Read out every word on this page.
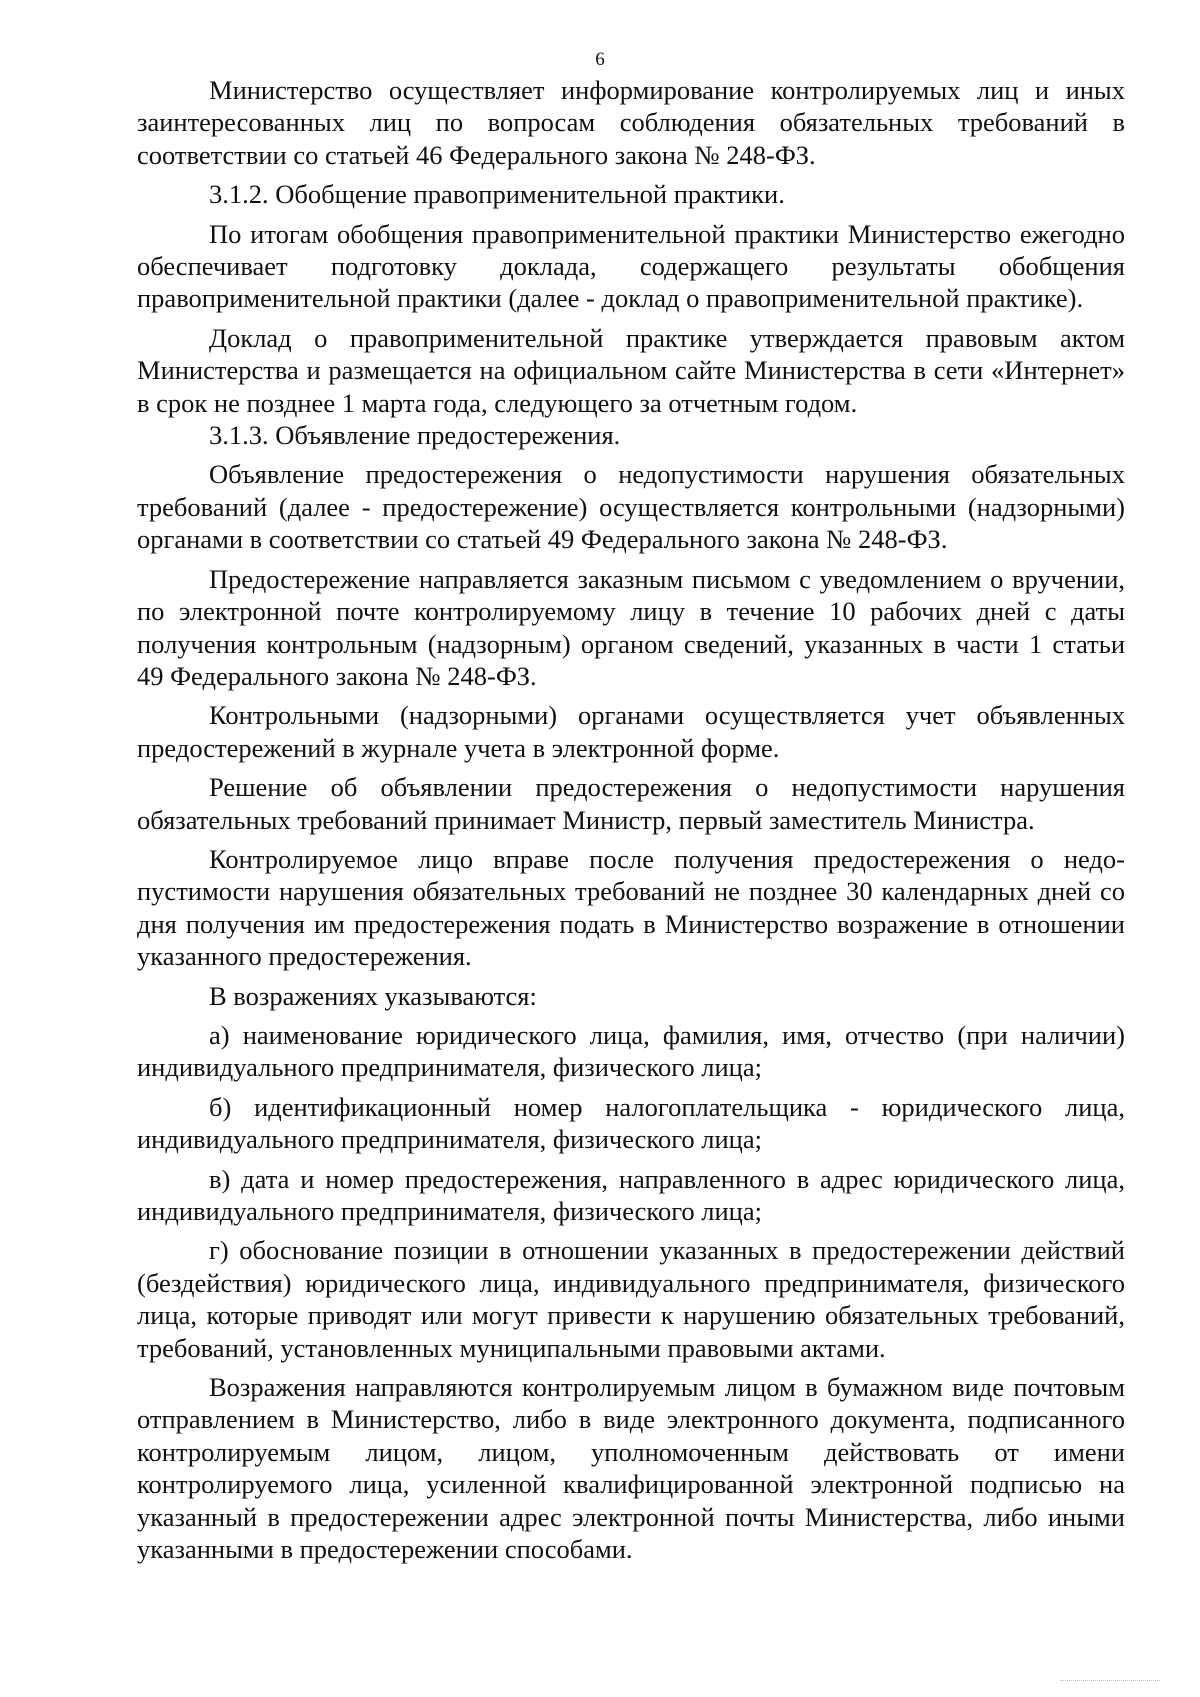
6

Министерство осуществляет информирование контролируемых лиц и иных заинтересованных лиц по вопросам соблюдения обязательных требований в соответствии со статьей 46 Федерального закона № 248-ФЗ.

3.1.2. Обобщение правоприменительной практики.

По итогам обобщения правоприменительной практики Министерство ежегодно обеспечивает подготовку доклада, содержащего результаты обобщения правоприменительной практики (далее - доклад о правоприменительной практике).

Доклад о правоприменительной практике утверждается правовым актом Министерства и размещается на официальном сайте Министерства в сети «Интернет» в срок не позднее 1 марта года, следующего за отчетным годом.

3.1.3. Объявление предостережения.

Объявление предостережения о недопустимости нарушения обязательных требований (далее - предостережение) осуществляется контрольными (надзорными) органами в соответствии со статьей 49 Федерального закона № 248-ФЗ.

Предостережение направляется заказным письмом с уведомлением о вручении, по электронной почте контролируемому лицу в течение 10 рабочих дней с даты получения контрольным (надзорным) органом сведений, указанных в части 1 статьи 49 Федерального закона № 248-ФЗ.

Контрольными (надзорными) органами осуществляется учет объявленных предостережений в журнале учета в электронной форме.

Решение об объявлении предостережения о недопустимости нарушения обязательных требований принимает Министр, первый заместитель Министра.

Контролируемое лицо вправе после получения предостережения о недопустимости нарушения обязательных требований не позднее 30 календарных дней со дня получения им предостережения подать в Министерство возражение в отношении указанного предостережения.

В возражениях указываются:

а) наименование юридического лица, фамилия, имя, отчество (при наличии) индивидуального предпринимателя, физического лица;

б) идентификационный номер налогоплательщика - юридического лица, индивидуального предпринимателя, физического лица;

в) дата и номер предостережения, направленного в адрес юридического лица, индивидуального предпринимателя, физического лица;

г) обоснование позиции в отношении указанных в предостережении действий (бездействия) юридического лица, индивидуального предпринимателя, физического лица, которые приводят или могут привести к нарушению обязательных требований, требований, установленных муниципальными правовыми актами.

Возражения направляются контролируемым лицом в бумажном виде почтовым отправлением в Министерство, либо в виде электронного документа, подписанного контролируемым лицом, лицом, уполномоченным действовать от имени контролируемого лица, усиленной квалифицированной электронной подписью на указанный в предостережении адрес электронной почты Министерства, либо иными указанными в предостережении способами.
